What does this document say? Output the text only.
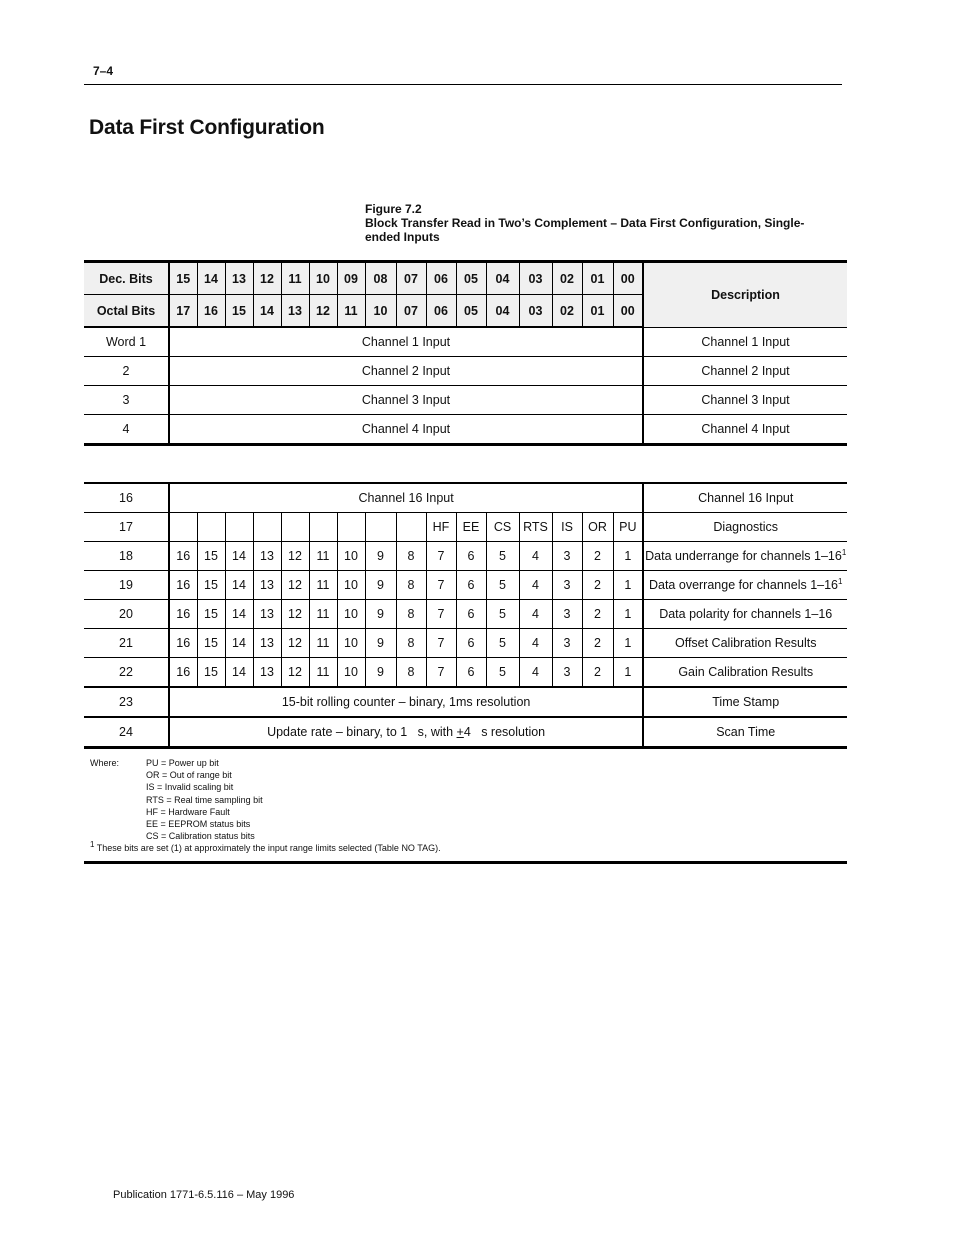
7–4
Data First Configuration
Figure 7.2
Block Transfer Read in Two’s Complement – Data First Configuration, Single-ended Inputs
Dec. Bits	15	14	13	12	11	10	09	08	07	06	05	04	03	02	01	00	Description
Octal Bits	17	16	15	14	13	12	11	10	07	06	05	04	03	02	01	00	
Word 1	Channel 1 Input																Channel 1 Input
2	Channel 2 Input																Channel 2 Input
3	Channel 3 Input																Channel 3 Input
4	Channel 4 Input																Channel 4 Input
16	Channel 16 Input																Channel 16 Input
17										HF	EE	CS	RTS	IS	OR	PU	Diagnostics
18	16	15	14	13	12	11	10	9	8	7	6	5	4	3	2	1	Data underrange for channels $1-16^1$
19	16	15	14	13	12	11	10	9	8	7	6	5	4	3	2	1	Data overrange for channels $1-16^1$
20	16	15	14	13	12	11	10	9	8	7	6	5	4	3	2	1	Data polarity for channels 1–16
21	16	15	14	13	12	11	10	9	8	7	6	5	4	3	2	1	Offset Calibration Results
22	16	15	14	13	12	11	10	9	8	7	6	5	4	3	2	1	Gain Calibration Results
23	15-bit rolling counter – binary, 1ms resolution																Time Stamp
24	Update rate – binary, to 1   s, with +4   s resolution																Scan Time
Where:	PU = Power up bit
OR = Out of range bit
IS = Invalid scaling bit
RTS = Real time sampling bit
HF = Hardware Fault
EE = EEPROM status bits
CS = Calibration status bits
$^1$ These bits are set (1) at approximately the input range limits selected (Table NO TAG).
Publication 1771-6.5.116 – May 1996
